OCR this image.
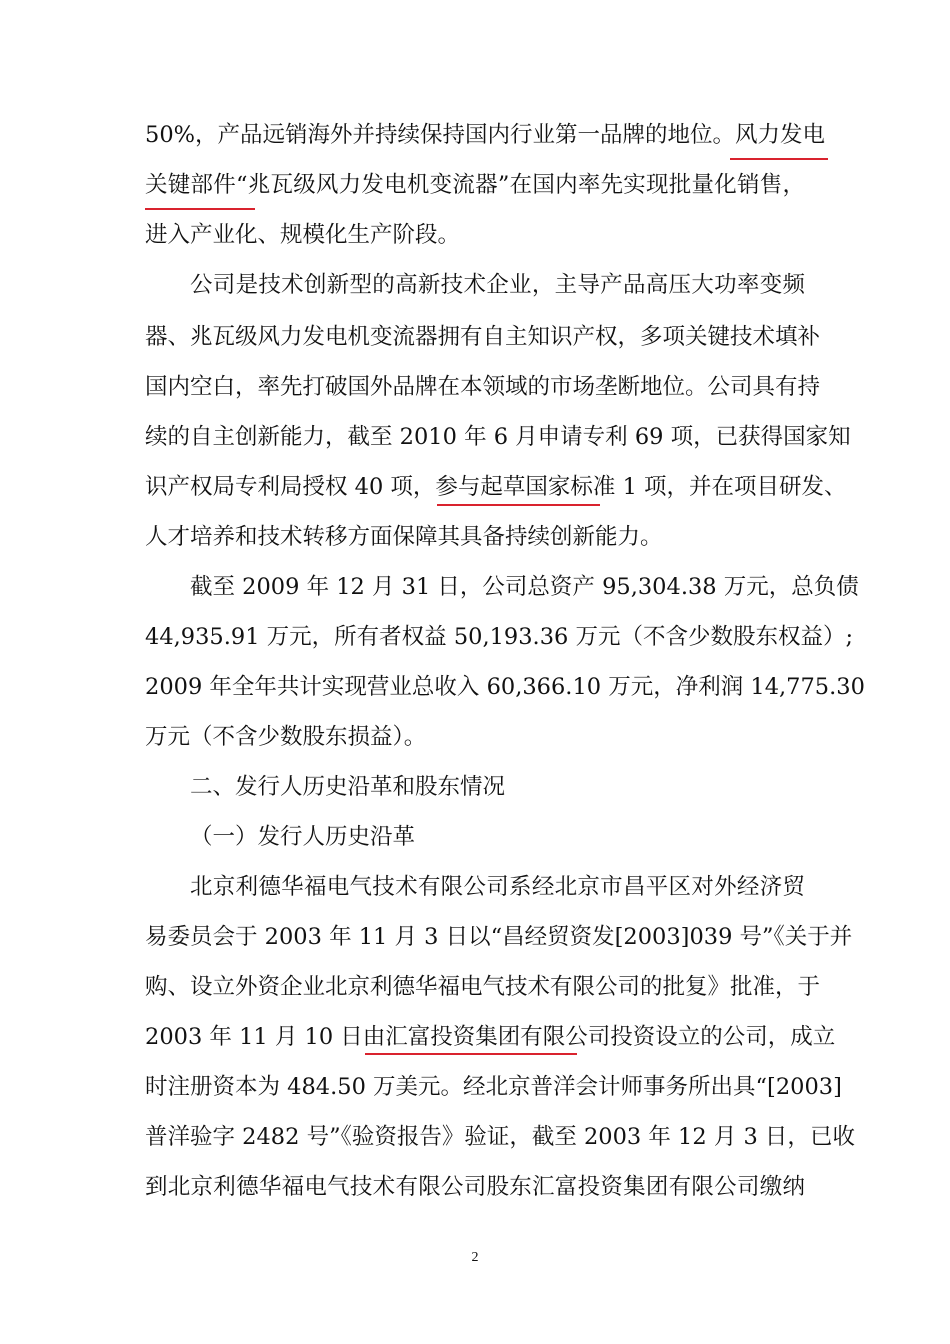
50%，产品远销海外并持续保持国内行业第一品牌的地位。风力发电
关键部件“兆瓦级风力发电机变流器”在国内率先实现批量化销售，
进入产业化、规模化生产阶段。
公司是技术创新型的高新技术企业，主导产品高压大功率变频
器、兆瓦级风力发电机变流器拥有自主知识产权，多项关键技术填补
国内空白，率先打破国外品牌在本领域的市场垄断地位。公司具有持
续的自主创新能力，截至 2010 年 6 月申请专利 69 项，已获得国家知
识产权局专利局授权 40 项，参与起草国家标准 1 项，并在项目研发、
人才培养和技术转移方面保障其具备持续创新能力。
截至 2009 年 12 月 31 日，公司总资产 95,304.38 万元，总负债
44,935.91 万元，所有者权益 50,193.36 万元（不含少数股东权益）;
2009 年全年共计实现营业总收入 60,366.10 万元，净利润 14,775.30
万元（不含少数股东损益）。
二、发行人历史沿革和股东情况
（一）发行人历史沿革
北京利德华福电气技术有限公司系经北京市昌平区对外经济贸
易委员会于 2003 年 11 月 3 日以“昌经贸资发[2003]039 号”《关于并
购、设立外资企业北京利德华福电气技术有限公司的批复》批准，于
2003 年 11 月 10 日由汇富投资集团有限公司投资设立的公司，成立
时注册资本为 484.50 万美元。经北京普洋会计师事务所出具“[2003]
普洋验字 2482 号”《验资报告》验证，截至 2003 年 12 月 3 日，已收
到北京利德华福电气技术有限公司股东汇富投资集团有限公司缴纳
2
